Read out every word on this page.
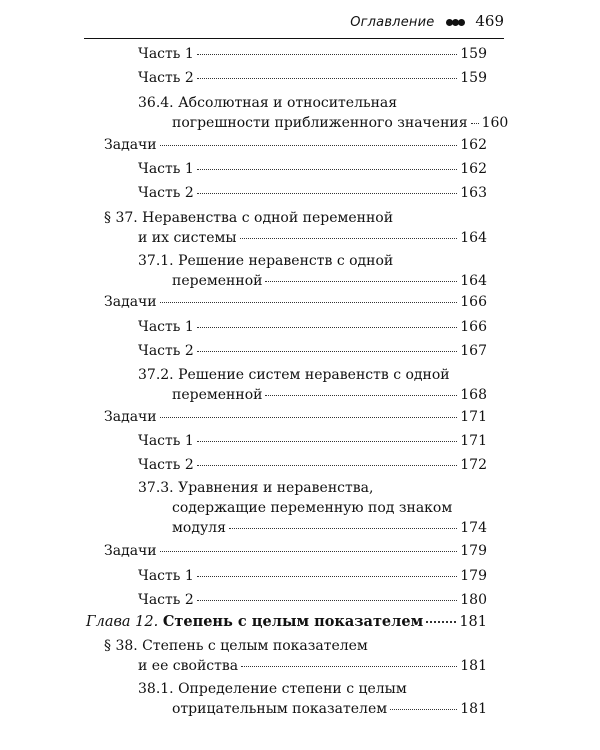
Оглавление	469
Часть 1	159
Часть 2	159
36.4. Абсолютная и относительная
погрешности приближенного значения 160
Задачи	162
Часть 1	162
Часть 2	163
§ 37. Неравенства с одной переменной
и их системы	164
37.1. Решение неравенств с одной
переменной	164
Задачи	166
Часть 1	166
Часть 2	167
37.2. Решение систем неравенств с одной
переменной	168
Задачи	171
Часть 1	171
Часть 2	172
37.3. Уравнения и неравенства,
содержащие переменную под знаком
модуля	174
Задачи	179
Часть 1	179
Часть 2	180
Глава 12. Степень с целым показателем 181
§ 38. Степень с целым показателем
и ее свойства	181
38.1. Определение степени с целым
отрицательным показателем	181
